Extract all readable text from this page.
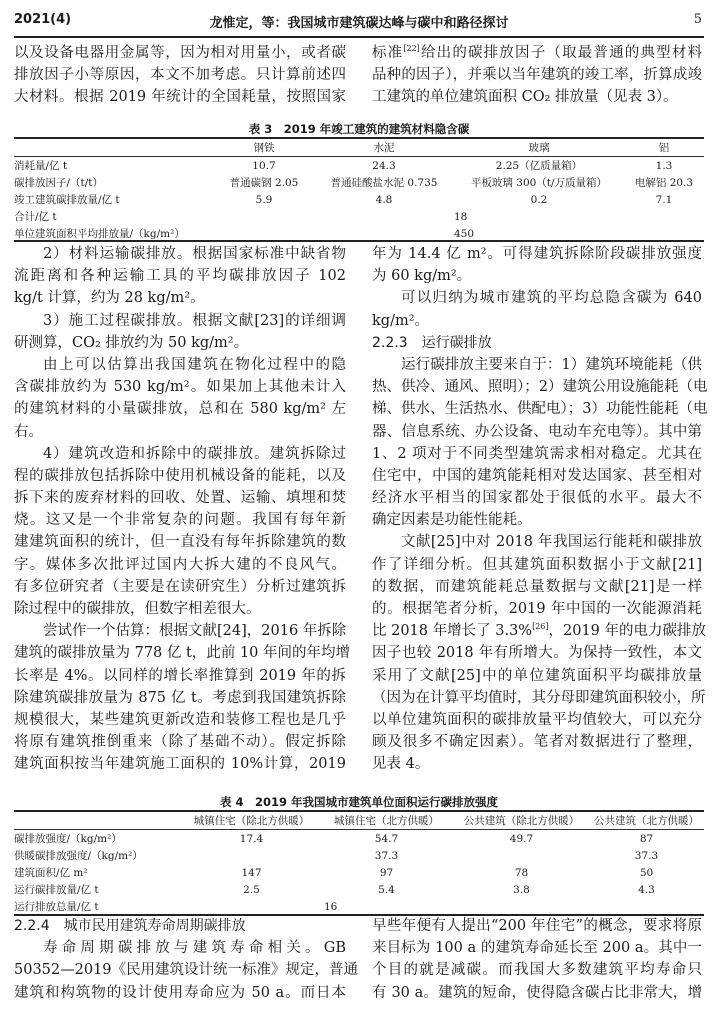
2021(4)	龙惟定，等：我国城市建筑碳达峰与碳中和路径探讨	5
以及设备电器用金属等，因为相对用量小，或者碳
排放因子小等原因，本文不加考虑。只计算前述四
大材料。根据 2019 年统计的全国耗量，按照国家
标准[22]给出的碳排放因子（取最普通的典型材料
品种的因子），并乘以当年建筑的竣工率，折算成竣
工建筑的单位建筑面积 CO₂ 排放量（见表 3）。
表 3　2019 年竣工建筑的建筑材料隐含碳
	钢铁	水泥	玻璃	铝
消耗量/亿 t	10.7	24.3	2.25（亿质量箱）	1.3
碳排放因子/（t/t）	普通碳钢 2.05	普通硅酸盐水泥 0.735	平板玻璃 300（t/万质量箱）	电解铝 20.3
竣工建筑碳排放量/亿 t	5.9	4.8	0.2	7.1
合计/亿 t	18			
单位建筑面积平均排放量/（kg/m²）	450			
2）材料运输碳排放。根据国家标准中缺省物
流距离和各种运输工具的平均碳排放因子 102
kg/t 计算，约为 28 kg/m²。
3）施工过程碳排放。根据文献[23]的详细调
研测算，CO₂ 排放约为 50 kg/m²。
由上可以估算出我国建筑在物化过程中的隐
含碳排放约为 530 kg/m²。如果加上其他未计入
的建筑材料的小量碳排放，总和在 580 kg/m² 左
右。
4）建筑改造和拆除中的碳排放。建筑拆除过
程的碳排放包括拆除中使用机械设备的能耗，以及
拆下来的废弃材料的回收、处置、运输、填埋和焚
烧。这又是一个非常复杂的问题。我国有每年新
建建筑面积的统计，但一直没有每年拆除建筑的数
字。媒体多次批评过国内大拆大建的不良风气。
有多位研究者（主要是在读研究生）分析过建筑拆
除过程中的碳排放，但数字相差很大。
尝试作一个估算：根据文献[24]，2016 年拆除
建筑的碳排放量为 778 亿 t，此前 10 年间的年均增
长率是 4%。以同样的增长率推算到 2019 年的拆
除建筑碳排放量为 875 亿 t。考虑到我国建筑拆除
规模很大，某些建筑更新改造和装修工程也是几乎
将原有建筑推倒重来（除了基础不动）。假定拆除
建筑面积按当年建筑施工面积的 10%计算，2019
年为 14.4 亿 m²。可得建筑拆除阶段碳排放强度
为 60 kg/m²。
可以归纳为城市建筑的平均总隐含碳为 640
kg/m²。
2.2.3　运行碳排放
运行碳排放主要来自于：1）建筑环境能耗（供
热、供冷、通风、照明）；2）建筑公用设施能耗（电
梯、供水、生活热水、供配电）；3）功能性能耗（电
器、信息系统、办公设备、电动车充电等）。其中第
1、2 项对于不同类型建筑需求相对稳定。尤其在
住宅中，中国的建筑能耗相对发达国家、甚至相对
经济水平相当的国家都处于很低的水平。最大不
确定因素是功能性能耗。
文献[25]中对 2018 年我国运行能耗和碳排放
作了详细分析。但其建筑面积数据小于文献[21]
的数据，而建筑能耗总量数据与文献[21]是一样
的。根据笔者分析，2019 年中国的一次能源消耗
比 2018 年增长了 3.3%[26]，2019 年的电力碳排放
因子也较 2018 年有所增大。为保持一致性，本文
采用了文献[25]中的单位建筑面积平均碳排放量
（因为在计算平均值时，其分母即建筑面积较小，所
以单位建筑面积的碳排放量平均值较大，可以充分
顾及很多不确定因素）。笔者对数据进行了整理，
见表 4。
表 4　2019 年我国城市建筑单位面积运行碳排放强度
	城镇住宅（除北方供暖）	城镇住宅（北方供暖）	公共建筑（除北方供暖）	公共建筑（北方供暖）
碳排放强度/（kg/m²）	17.4	54.7	49.7	87
供暖碳排放强度/（kg/m²）		37.3		37.3
建筑面积/亿 m²	147	97	78	50
运行碳排放量/亿 t	2.5	5.4	3.8	4.3
运行排放总量/亿 t	16			
2.2.4　城市民用建筑寿命周期碳排放
寿命周期碳排放与建筑寿命相关。GB
50352—2019《民用建筑设计统一标准》规定，普通
建筑和构筑物的设计使用寿命应为 50 a。而日本
早些年便有人提出“200 年住宅”的概念，要求将原
来目标为 100 a 的建筑寿命延长至 200 a。其中一
个目的就是减碳。而我国大多数建筑平均寿命只
有 30 a。建筑的短命，使得隐含碳占比非常大，增
